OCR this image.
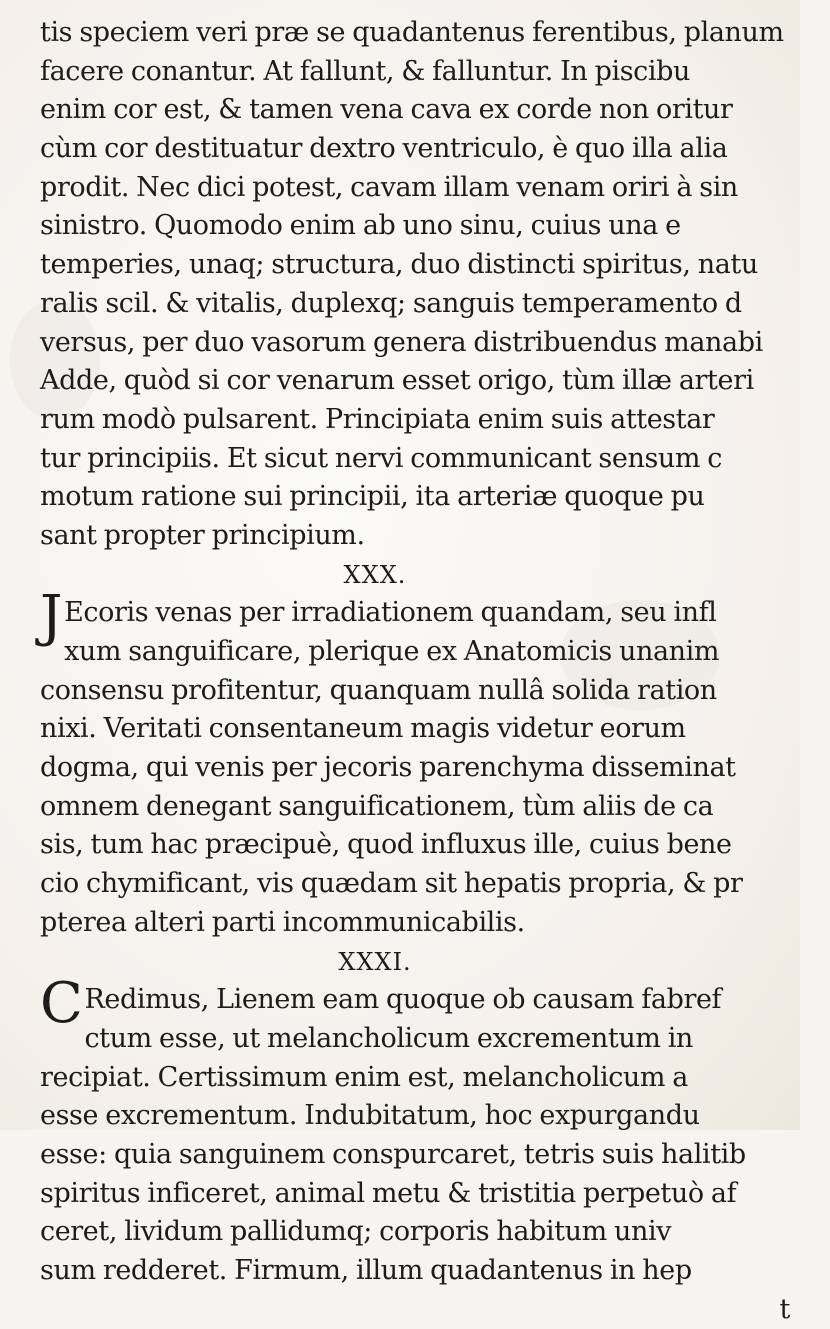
tis speciem veri præ se quadantenus ferentibus, planum
facere conantur. At fallunt, & falluntur. In piscibu
enim cor est, & tamen vena cava ex corde non oritur
cùm cor destituatur dextro ventriculo, è quo illa alia
prodit. Nec dici potest, cavam illam venam oriri à sin
sinistro. Quomodo enim ab uno sinu, cuius una e
temperies, unaq; structura, duo distincti spiritus, natu
ralis scil. & vitalis, duplexq; sanguis temperamento d
versus, per duo vasorum genera distribuendus manabi
Adde, quòd si cor venarum esset origo, tùm illæ arteri
rum modò pulsarent. Principiata enim suis attestar
tur principiis. Et sicut nervi communicant sensum c
motum ratione sui principii, ita arteriæ quoque pu
sant propter principium.
XXX.
J Ecoris venas per irradiationem quandam, seu infl
xum sanguificare, plerique ex Anatomicis unanim
consensu profitentur, quanquam nullâ solida ration
nixi. Veritati consentaneum magis videtur eorum
dogma, qui venis per jecoris parenchyma disseminat
omnem denegant sanguificationem, tùm aliis de ca
sis, tum hac præcipuè, quod influxus ille, cuius bene
cio chymificant, vis quædam sit hepatis propria, & pr
pterea alteri parti incommunicabilis.
XXXI.
C Redimus, Lienem eam quoque ob causam fabref
ctum esse, ut melancholicum excrementum in
recipiat. Certissimum enim est, melancholicum a
esse excrementum. Indubitatum, hoc expurgandu
esse: quia sanguinem conspurcaret, tetris suis halitib
spiritus inficeret, animal metu & tristitia perpetuò af
ceret, lividum pallidumq; corporis habitum univ
sum redderet. Firmum, illum quadantenus in hep
t
